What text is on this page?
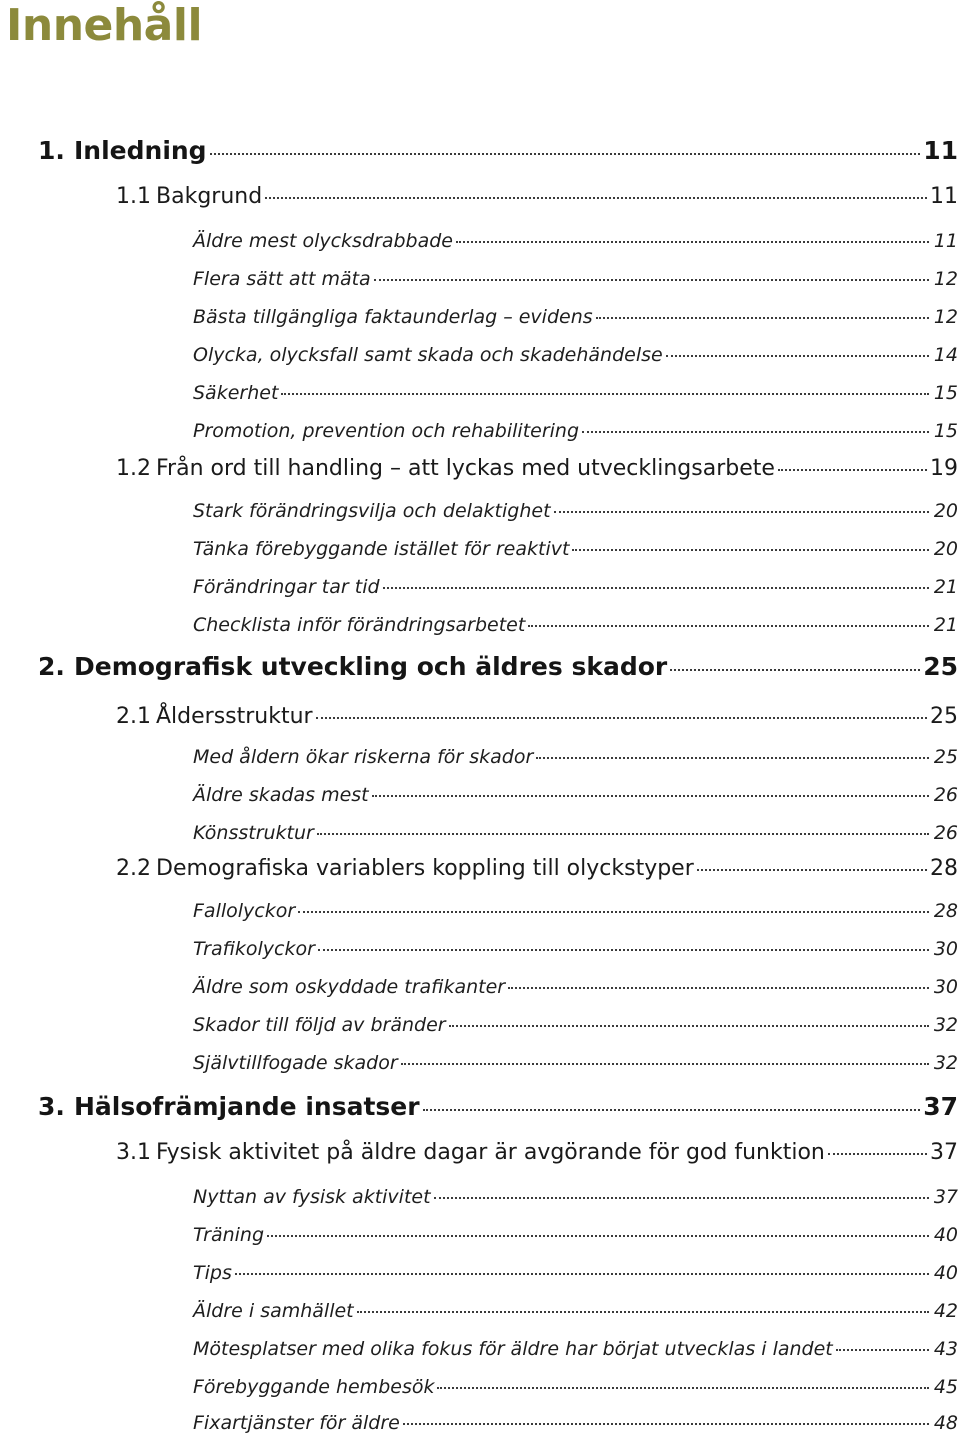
Innehåll
1. Inledning	11
1.1 Bakgrund	11
Äldre mest olycksdrabbade	11
Flera sätt att mäta	12
Bästa tillgängliga faktaunderlag – evidens	12
Olycka, olycksfall samt skada och skadehändelse	14
Säkerhet	15
Promotion, prevention och rehabilitering	15
1.2 Från ord till handling – att lyckas med utvecklingsarbete	19
Stark förändringsvilja och delaktighet	20
Tänka förebyggande istället för reaktivt	20
Förändringar tar tid	21
Checklista inför förändringsarbetet	21
2. Demografisk utveckling och äldres skador	25
2.1 Åldersstruktur	25
Med åldern ökar riskerna för skador	25
Äldre skadas mest	26
Könsstruktur	26
2.2 Demografiska variablers koppling till olyckstyper	28
Fallolyckor	28
Trafikolyckor	30
Äldre som oskyddade trafikanter	30
Skador till följd av bränder	32
Självtillfogade skador	32
3. Hälsofrämjande insatser	37
3.1 Fysisk aktivitet på äldre dagar är avgörande för god funktion	37
Nyttan av fysisk aktivitet	37
Träning	40
Tips	40
Äldre i samhället	42
Mötesplatser med olika fokus för äldre har börjat utvecklas i landet	43
Förebyggande hembesök	45
Fixartjänster för äldre	48
